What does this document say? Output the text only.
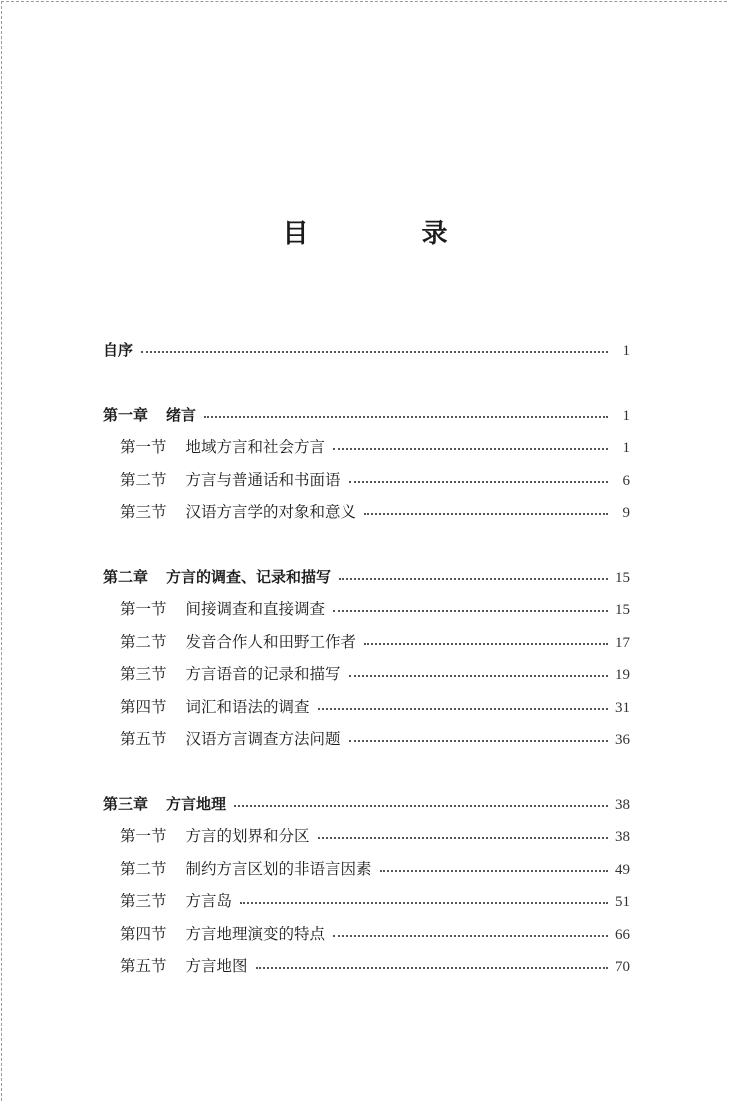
目 录
自序	1
第一章 绪言	1
第一节 地域方言和社会方言	1
第二节 方言与普通话和书面语	6
第三节 汉语方言学的对象和意义	9
第二章 方言的调查、记录和描写	15
第一节 间接调查和直接调查	15
第二节 发音合作人和田野工作者	17
第三节 方言语音的记录和描写	19
第四节 词汇和语法的调查	31
第五节 汉语方言调查方法问题	36
第三章 方言地理	38
第一节 方言的划界和分区	38
第二节 制约方言区划的非语言因素	49
第三节 方言岛	51
第四节 方言地理演变的特点	66
第五节 方言地图	70
